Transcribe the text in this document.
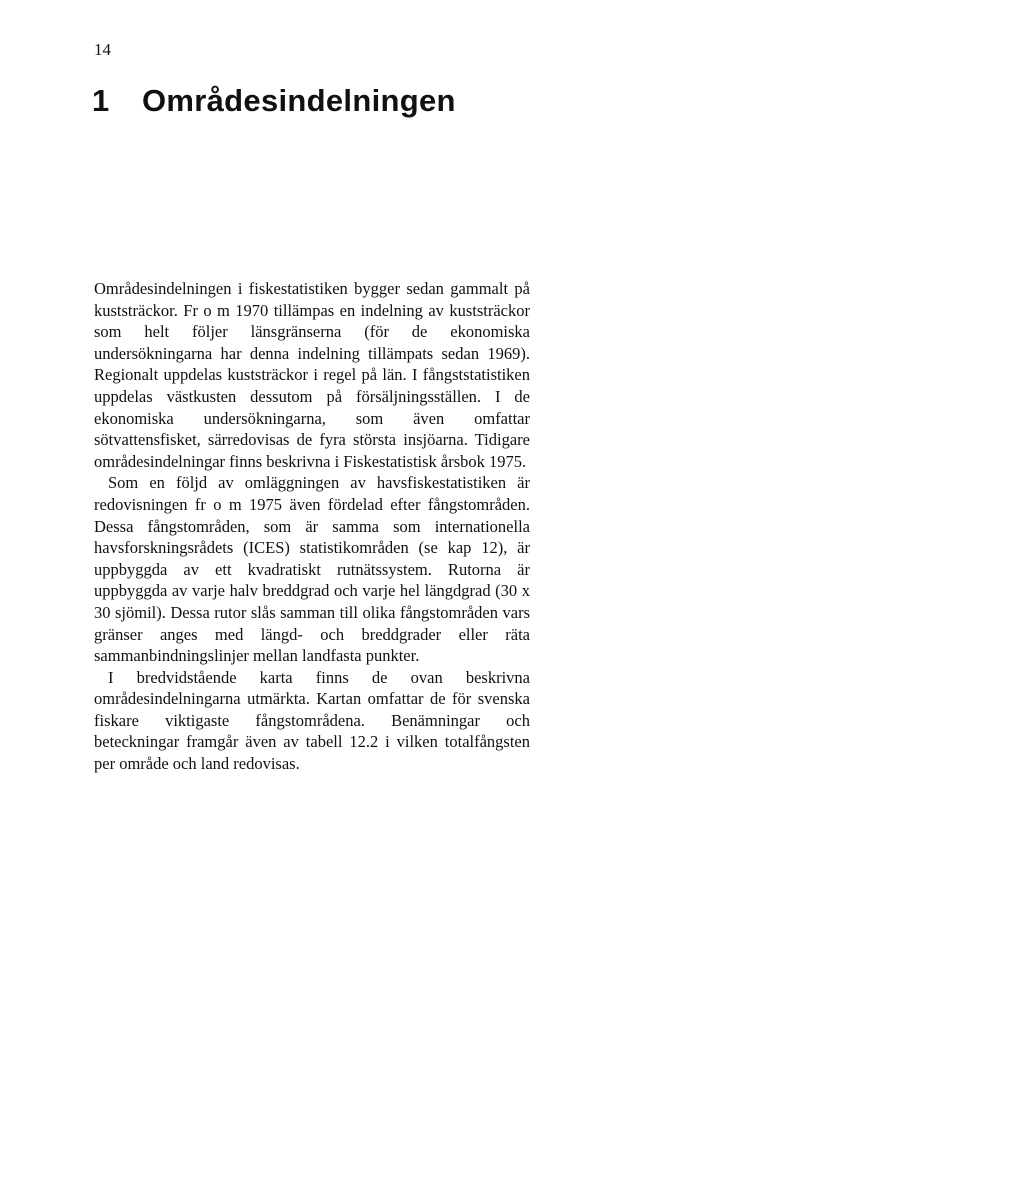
14
1 Områdesindelningen

Områdesindelningen i fiskestatistiken bygger sedan gammalt på kuststräckor. Fr o m 1970 tillämpas en indelning av kuststräckor som helt följer länsgränserna (för de ekonomiska undersökningarna har denna indelning tillämpats sedan 1969). Regionalt uppdelas kuststräckor i regel på län. I fångststatistiken uppdelas västkusten dessutom på försäljningsställen. I de ekonomiska undersökningarna, som även omfattar sötvattensfisket, särredovisas de fyra största insjöarna. Tidigare områdesindelningar finns beskrivna i Fiskestatistisk årsbok 1975.

Som en följd av omläggningen av havsfiskestatistiken är redovisningen fr o m 1975 även fördelad efter fångstområden. Dessa fångstområden, som är samma som internationella havsforskningsrådets (ICES) statistikområden (se kap 12), är uppbyggda av ett kvadratiskt rutnätssystem. Rutorna är uppbyggda av varje halv breddgrad och varje hel längdgrad (30 x 30 sjömil). Dessa rutor slås samman till olika fångstområden vars gränser anges med längd- och breddgrader eller räta sammanbindningslinjer mellan landfasta punkter.

I bredvidstående karta finns de ovan beskrivna områdesindelningarna utmärkta. Kartan omfattar de för svenska fiskare viktigaste fångstområdena. Benämningar och beteckningar framgår även av tabell 12.2 i vilken totalfångsten per område och land redovisas.
